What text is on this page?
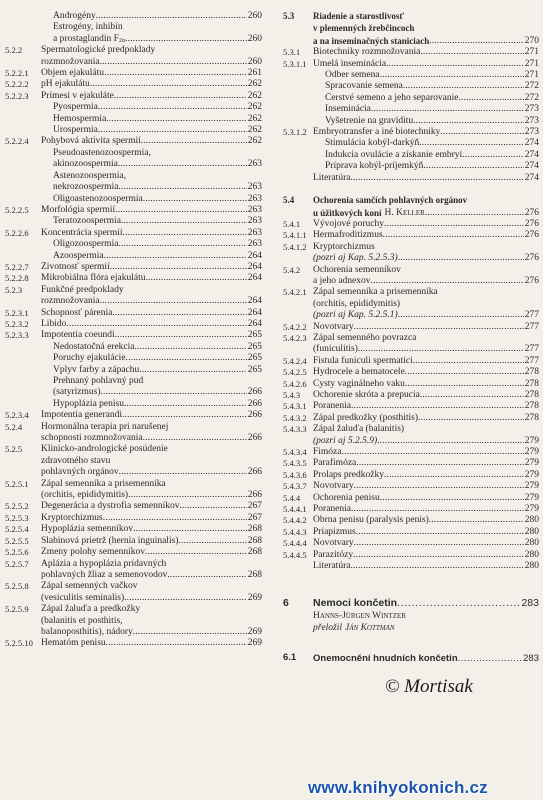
Androgény . . .	260
Estrogény, inhibín
a prostaglandín F 2α . . .	260
5.2.2	Spermatologické predpoklady
rozmnožovania . . .	260
5.2.2.1	Objem ejakulátu . . .	261
5.2.2.2	pH ejakulátu . . .	262
5.2.2.3	Prímesi v ejakuláte . . .	262
Pyospermia . . .	262
Hemospermia . . .	262
Urospermia . . .	262
5.2.2.4	Pohybová aktivita spermií . . .	262
Pseudoastenozoospermia,
akinozoospermia . . .	263
Astenozoospermia,
nekrozoospermia . . .	263
Oligoastenozoospermia . . .	263
5.2.2.5	Morfológia spermií . . .	263
Teratozoospermia . . .	263
5.2.2.6	Koncentrácia spermií . . .	263
Oligozoospermia . . .	263
Azoospermia . . .	264
5.2.2.7	Životnosť spermií . . .	264
5.2.2.8	Mikrobiálna flóra ejakulátu . . .	264
5.2.3	Funkčné predpoklady
rozmnožovania . . .	264
5.2.3.1	Schopnosť párenia . . .	264
5.2.3.2	Libido . . .	264
5.2.3.3	Impotentia coeundi . . .	265
Nedostatočná erekcia . . .	265
Poruchy ejakulácie . . .	265
Vplyv farby a zápachu . . .	265
Prehnaný pohlavný pud
(satyrizmus) . . .	266
Hypoplázia penisu . . .	266
5.2.3.4	Impotentia generandi . . .	266
5.2.4	Hormonálna terapia pri narušenej
schopnosti rozmnožovania . . .	266
5.2.5	Klinicko-andrologické posúdenie
zdravotného stavu
pohlavných orgánov . . .	266
5.2.5.1	Zápal semenníka a prisemenníka
(orchitis, epididymitis) . . .	266
5.2.5.2	Degenerácia a dystrofia semenníkov . . .	267
5.2.5.3	Kryptorchizmus . . .	267
5.2.5.4	Hypoplázia semenníkov . . .	268
5.2.5.5	Slabinová prietrž (hernia inguinalis) . . .	268
5.2.5.6	Zmeny polohy semenníkov . . .	268
5.2.5.7	Aplázia a hypoplázia prídavných
pohlavných žliaz a semenovodov . . .	268
5.2.5.8	Zápal semenných vačkov
(vesiculitis seminalis) . . .	269
5.2.5.9	Zápal žaluďa a predkožky
(balanitis et posthitis,
balanoposthitis), nádory . . .	269
5.2.5.10 Hematóm penisu . . .	269
5.3	Riadenie a starostlivosť
v plemenných žrebčincoch
a na inseminačných staniciach . . .	270
5.3.1	Biotechniky rozmnožovania . . .	271
5.3.1.1 Umelá inseminácia . . .	271
Odber semena . . .	271
Spracovanie semena . . .	272
Čerstvé semeno a jeho separovanie . . .	272
Inseminácia . . .	273
Vyšetrenie na graviditu . . .	273
5.3.1.2 Embryotransfer a iné biotechniky . . .	273
Stimulácia kobýl-darkýň . . .	274
Indukcia ovulácie a získanie embryí . . .	274
Príprava kobýl-príjemkýň . . .	274
Literatúra . . .	274
5.4	Ochorenia samčích pohlavných orgánov
u úžitkových koní H. Keller . . .	276
5.4.1	Vývojové poruchy . . .	276
5.4.1.1 Hermafroditizmus . . .	276
5.4.1.2 Kryptorchizmus
(pozri aj Kap. 5.2.5.3) . . .	276
5.4.2	Ochorenia semenníkov
a jeho adnexov . . .	276
5.4.2.1 Zápal semenníka a prisemenníka
(orchitis, epididymitis)
(pozri aj Kap. 5.2.5.1) . . .	277
5.4.2.2 Novotvary . . .	277
5.4.2.3 Zápal semenného povrazca
(funiculitis) . . .	277
5.4.2.4 Fistula funiculi spermatici . . .	277
5.4.2.5 Hydrocele a hematocele . . .	278
5.4.2.6 Cysty vaginálneho vaku . . .	278
5.4.3	Ochorenie skróta a prepucia . . .	278
5.4.3.1 Poranenia . . .	278
5.4.3.2 Zápal predkožky (posthitis) . . .	278
5.4.3.3 Zápal žaluďa (balanitis)
(pozri aj 5.2.5.9) . . .	279
5.4.3.4 Fimóza . . .	279
5.4.3.5 Parafimóza . . .	279
5.4.3.6 Prolaps predkožky . . .	279
5.4.3.7 Novotvary . . .	279
5.4.4	Ochorenia penisu . . .	279
5.4.4.1 Poranenia . . .	279
5.4.4.2 Obrna penisu (paralysis penis) . . .	280
5.4.4.3 Priapizmus . . .	280
5.4.4.4 Novotvary . . .	280
5.4.4.5 Parazitózy . . .	280
Literatúra . . .	280
6	Nemoci končetin . . .	283
Hanns-Jürgen Wintzer
přeložil Ján Kottman
6.1	Onemocnění hnudních končetin . . .	283
© Mortisak
www.knihyokonich.cz
